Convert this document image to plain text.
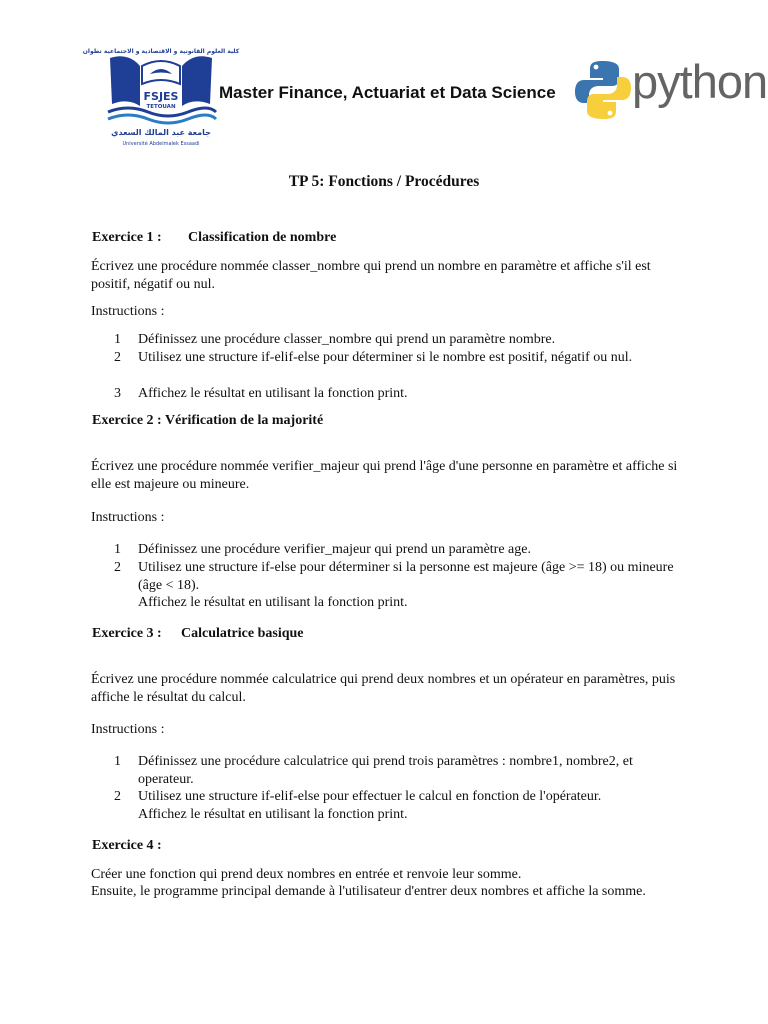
كلية العلوم القانونية و الاقتصادية و الاجتماعية تطوان
FSJES
TETOUAN
جامعة عبد المالك السعدي
Université Abdelmalek Essaadi
Master Finance, Actuariat et Data Science python
TP 5: Fonctions / Procédures
Exercice 1 : Classification de nombre
Écrivez une procédure nommée classer_nombre qui prend un nombre en paramètre et affiche s'il est positif, négatif ou nul.
Instructions :
1	Définissez une procédure classer_nombre qui prend un paramètre nombre.
2	Utilisez une structure if-elif-else pour déterminer si le nombre est positif, négatif ou nul.
3	Affichez le résultat en utilisant la fonction print.
Exercice 2 : Vérification de la majorité
Écrivez une procédure nommée verifier_majeur qui prend l'âge d'une personne en paramètre et affiche si elle est majeure ou mineure.
Instructions :
1	Définissez une procédure verifier_majeur qui prend un paramètre age.
2	Utilisez une structure if-else pour déterminer si la personne est majeure (âge >= 18) ou mineure (âge < 18).
Affichez le résultat en utilisant la fonction print.
Exercice 3 : Calculatrice basique
Écrivez une procédure nommée calculatrice qui prend deux nombres et un opérateur en paramètres, puis affiche le résultat du calcul.
Instructions :
1	Définissez une procédure calculatrice qui prend trois paramètres : nombre1, nombre2, et operateur.
2	Utilisez une structure if-elif-else pour effectuer le calcul en fonction de l'opérateur.
Affichez le résultat en utilisant la fonction print.
Exercice 4 :
Créer une fonction qui prend deux nombres en entrée et renvoie leur somme.
Ensuite, le programme principal demande à l'utilisateur d'entrer deux nombres et affiche la somme.
